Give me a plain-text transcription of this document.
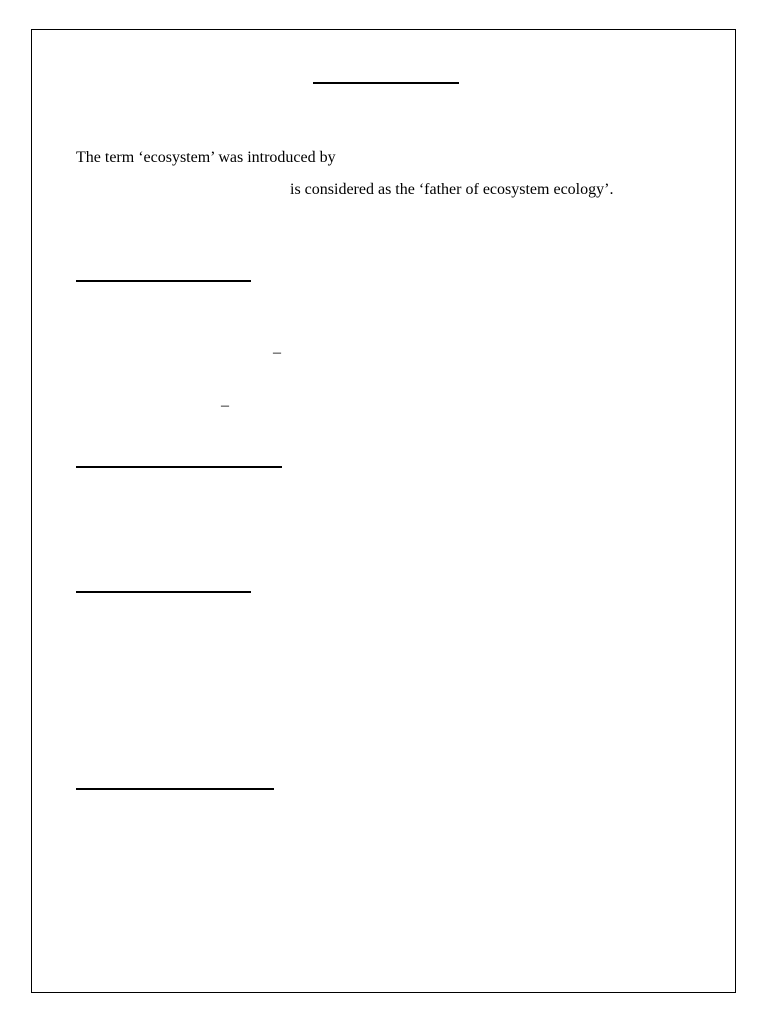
The term ‘ecosystem’ was introduced by
is considered as the ‘father of ecosystem ecology’.
–
–
